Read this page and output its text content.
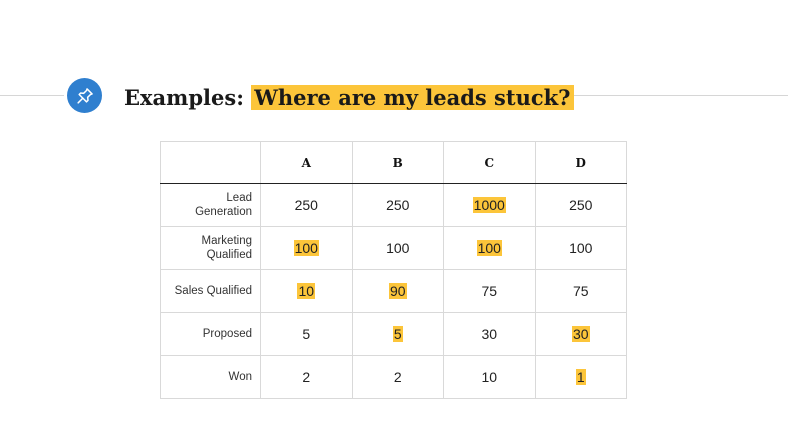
Examples: Where are my leads stuck?
	A	B	C	D
Lead
Generation	250	250	1000	250
Marketing
Qualified	100	100	100	100
Sales Qualified	10	90	75	75
Proposed	5	5	30	30
Won	2	2	10	1
